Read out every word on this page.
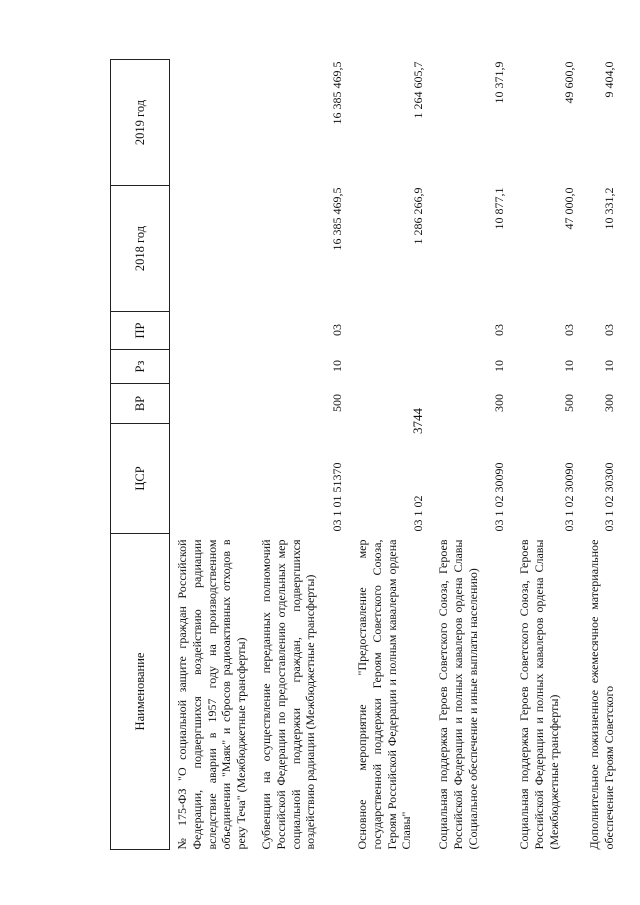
3744
Наименование	ЦСР	ВР	Рз	ПР	2018 год	2019 год
№ 175-ФЗ "О социальной защите граждан Российской Федерации, подвергшихся воздействию радиации вследствие аварии в 1957 году на производственном объединении "Маяк" и сбросов радиоактивных отходов в реку Теча" (Межбюджетные трансферты)						
Субвенции на осуществление переданных полномочий Российской Федерации по предоставлению отдельных мер социальной поддержки граждан, подвергшихся воздействию радиации (Межбюджетные трансферты)	03 1 01 51370	500	10	03	16 385 469,5	16 385 469,5
Основное мероприятие "Предоставление мер государственной поддержки Героям Советского Союза, Героям Российской Федерации и полным кавалерам ордена Славы"	03 1 02				1 286 266,9	1 264 605,7
Социальная поддержка Героев Советского Союза, Героев Российской Федерации и полных кавалеров ордена Славы (Социальное обеспечение и иные выплаты населению)	03 1 02 30090	300	10	03	10 877,1	10 371,9
Социальная поддержка Героев Советского Союза, Героев Российской Федерации и полных кавалеров ордена Славы (Межбюджетные трансферты)	03 1 02 30090	500	10	03	47 000,0	49 600,0
Дополнительное пожизненное ежемесячное материальное обеспечение Героям Советского	03 1 02 30300	300	10	03	10 331,2	9 404,0
